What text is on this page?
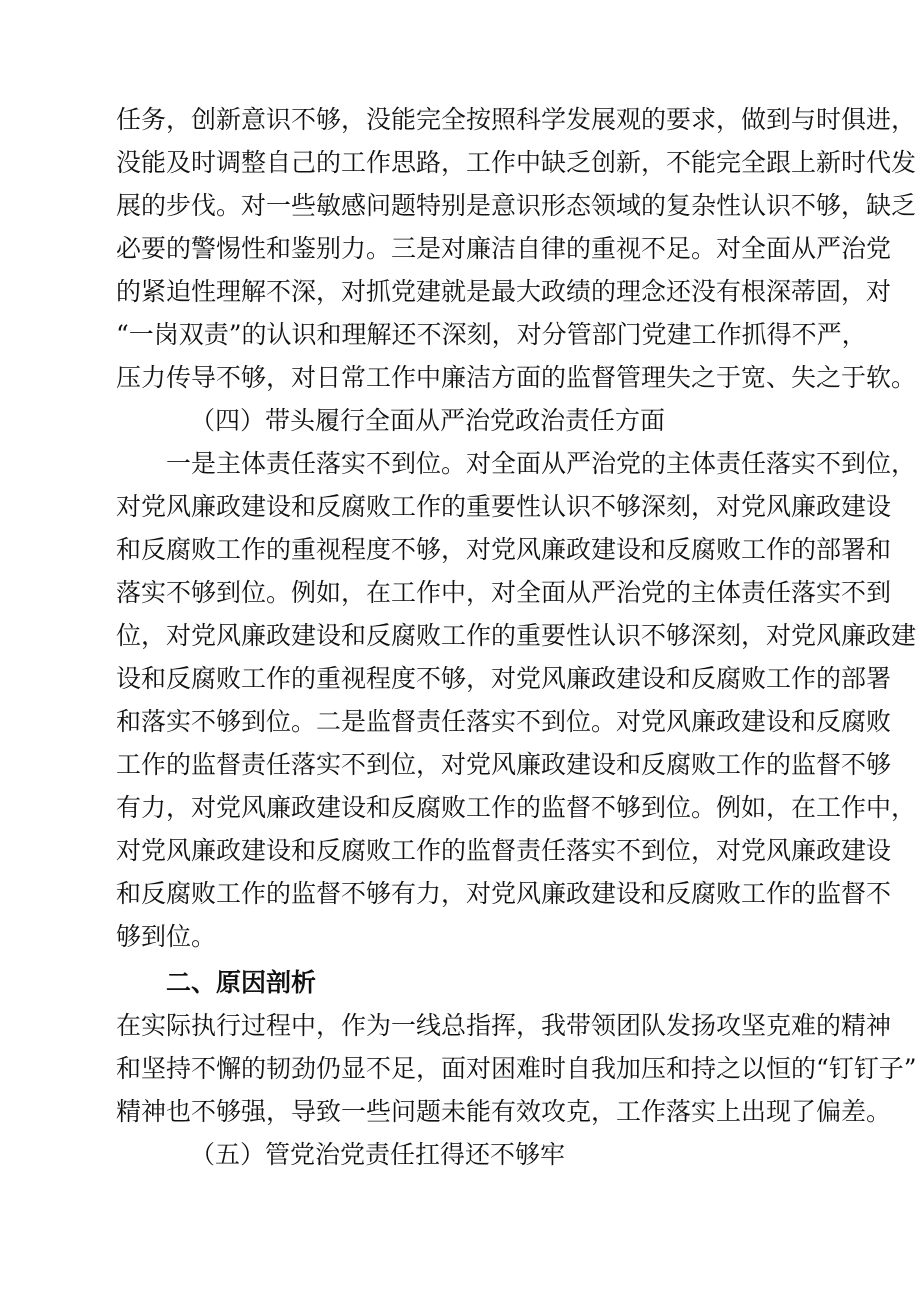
任务，创新意识不够，没能完全按照科学发展观的要求，做到与时俱进，
没能及时调整自己的工作思路，工作中缺乏创新，不能完全跟上新时代发
展的步伐。对一些敏感问题特别是意识形态领域的复杂性认识不够，缺乏
必要的警惕性和鉴别力。三是对廉洁自律的重视不足。对全面从严治党
的紧迫性理解不深，对抓党建就是最大政绩的理念还没有根深蒂固，对
“一岗双责”的认识和理解还不深刻，对分管部门党建工作抓得不严，
压力传导不够，对日常工作中廉洁方面的监督管理失之于宽、失之于软。
（四）带头履行全面从严治党政治责任方面
一是主体责任落实不到位。对全面从严治党的主体责任落实不到位，
对党风廉政建设和反腐败工作的重要性认识不够深刻，对党风廉政建设
和反腐败工作的重视程度不够，对党风廉政建设和反腐败工作的部署和
落实不够到位。例如，在工作中，对全面从严治党的主体责任落实不到
位，对党风廉政建设和反腐败工作的重要性认识不够深刻，对党风廉政建
设和反腐败工作的重视程度不够，对党风廉政建设和反腐败工作的部署
和落实不够到位。二是监督责任落实不到位。对党风廉政建设和反腐败
工作的监督责任落实不到位，对党风廉政建设和反腐败工作的监督不够
有力，对党风廉政建设和反腐败工作的监督不够到位。例如，在工作中，
对党风廉政建设和反腐败工作的监督责任落实不到位，对党风廉政建设
和反腐败工作的监督不够有力，对党风廉政建设和反腐败工作的监督不
够到位。
二、原因剖析
在实际执行过程中，作为一线总指挥，我带领团队发扬攻坚克难的精神
和坚持不懈的韧劲仍显不足，面对困难时自我加压和持之以恒的“钉钉子”
精神也不够强，导致一些问题未能有效攻克，工作落实上出现了偏差。
（五）管党治党责任扛得还不够牢
